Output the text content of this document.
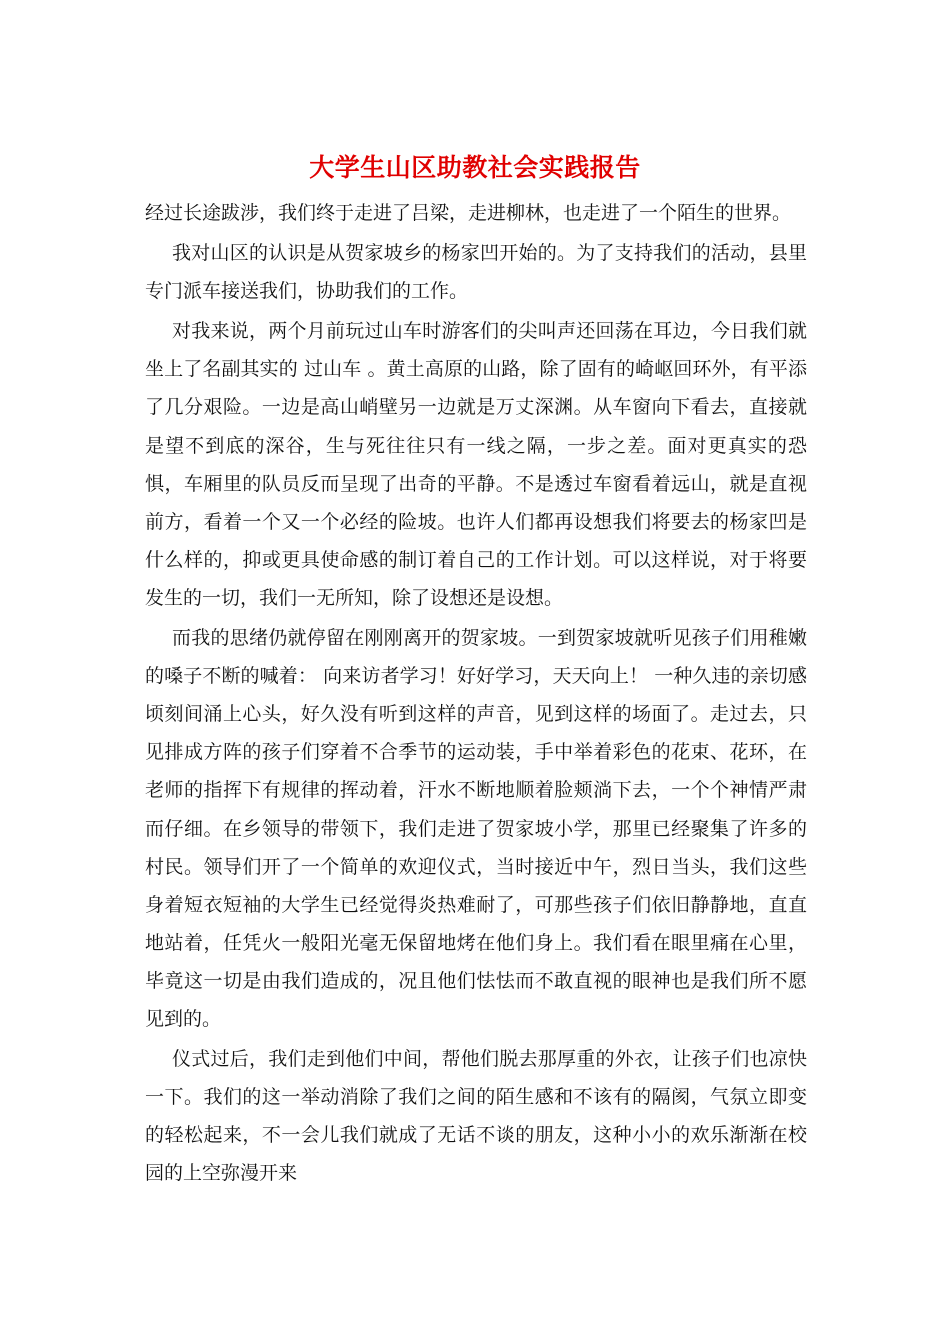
大学生山区助教社会实践报告

经过长途跋涉，我们终于走进了吕梁，走进柳林，也走进了一个陌生的世界。

我对山区的认识是从贺家坡乡的杨家凹开始的。为了支持我们的活动，县里专门派车接送我们，协助我们的工作。

对我来说，两个月前玩过山车时游客们的尖叫声还回荡在耳边，今日我们就坐上了名副其实的 过山车 。黄土高原的山路，除了固有的崎岖回环外，有平添了几分艰险。一边是高山峭壁另一边就是万丈深渊。从车窗向下看去，直接就是望不到底的深谷，生与死往往只有一线之隔，一步之差。面对更真实的恐惧，车厢里的队员反而呈现了出奇的平静。不是透过车窗看着远山，就是直视前方，看着一个又一个必经的险坡。也许人们都再设想我们将要去的杨家凹是什么样的，抑或更具使命感的制订着自己的工作计划。可以这样说，对于将要发生的一切，我们一无所知，除了设想还是设想。

而我的思绪仍就停留在刚刚离开的贺家坡。一到贺家坡就听见孩子们用稚嫩的嗓子不断的喊着： 向来访者学习！好好学习，天天向上！ 一种久违的亲切感顷刻间涌上心头，好久没有听到这样的声音，见到这样的场面了。走过去，只见排成方阵的孩子们穿着不合季节的运动装，手中举着彩色的花束、花环，在老师的指挥下有规律的挥动着，汗水不断地顺着脸颊淌下去，一个个神情严肃而仔细。在乡领导的带领下，我们走进了贺家坡小学，那里已经聚集了许多的村民。领导们开了一个简单的欢迎仪式，当时接近中午，烈日当头，我们这些身着短衣短袖的大学生已经觉得炎热难耐了，可那些孩子们依旧静静地，直直地站着，任凭火一般阳光毫无保留地烤在他们身上。我们看在眼里痛在心里，毕竟这一切是由我们造成的，况且他们怯怯而不敢直视的眼神也是我们所不愿见到的。

仪式过后，我们走到他们中间，帮他们脱去那厚重的外衣，让孩子们也凉快一下。我们的这一举动消除了我们之间的陌生感和不该有的隔阂，气氛立即变的轻松起来，不一会儿我们就成了无话不谈的朋友，这种小小的欢乐渐渐在校园的上空弥漫开来
